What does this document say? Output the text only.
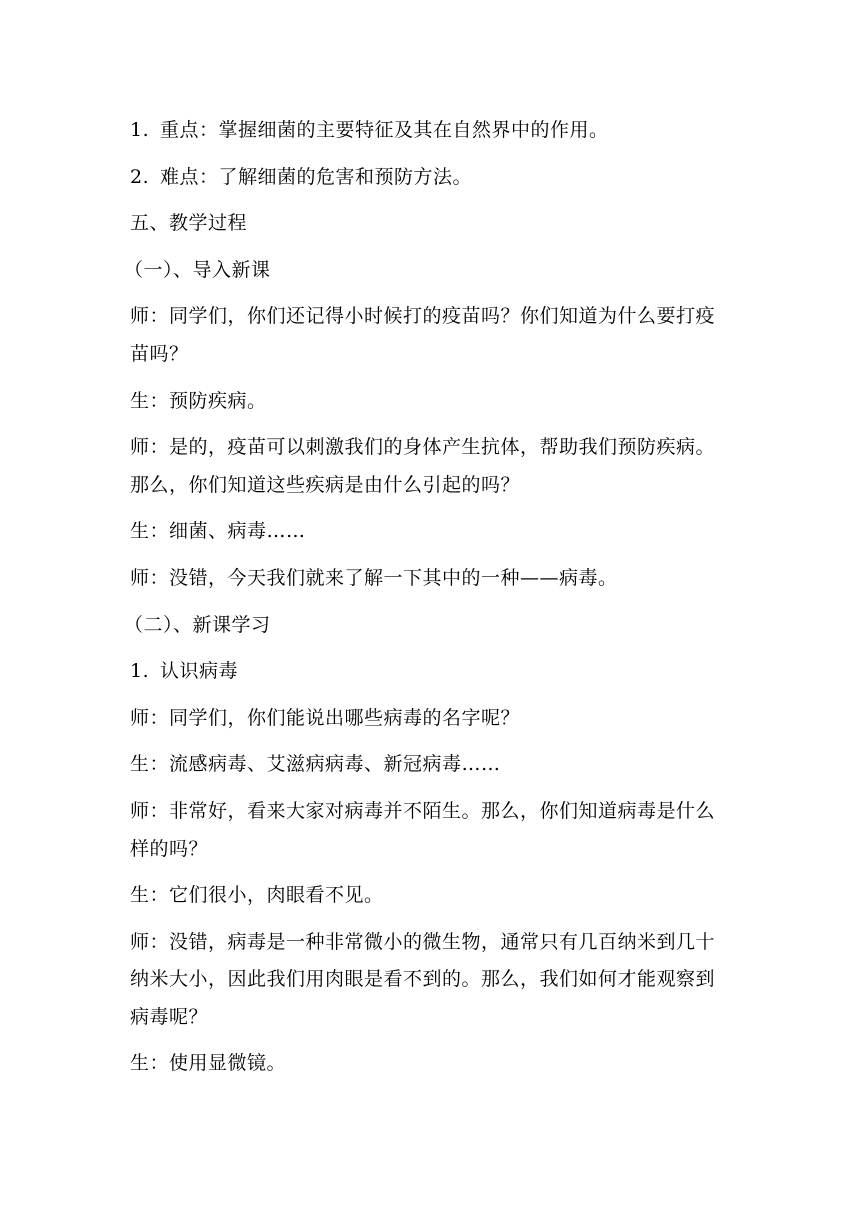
1. 重点：掌握细菌的主要特征及其在自然界中的作用。

2. 难点：了解细菌的危害和预防方法。

五、教学过程

（一）、导入新课

师：同学们，你们还记得小时候打的疫苗吗？你们知道为什么要打疫苗吗？

生：预防疾病。

师：是的，疫苗可以刺激我们的身体产生抗体，帮助我们预防疾病。那么，你们知道这些疾病是由什么引起的吗？

生：细菌、病毒……

师：没错，今天我们就来了解一下其中的一种——病毒。

（二）、新课学习

1. 认识病毒

师：同学们，你们能说出哪些病毒的名字呢？

生：流感病毒、艾滋病病毒、新冠病毒……

师：非常好，看来大家对病毒并不陌生。那么，你们知道病毒是什么样的吗？

生：它们很小，肉眼看不见。

师：没错，病毒是一种非常微小的微生物，通常只有几百纳米到几十纳米大小，因此我们用肉眼是看不到的。那么，我们如何才能观察到病毒呢？

生：使用显微镜。
